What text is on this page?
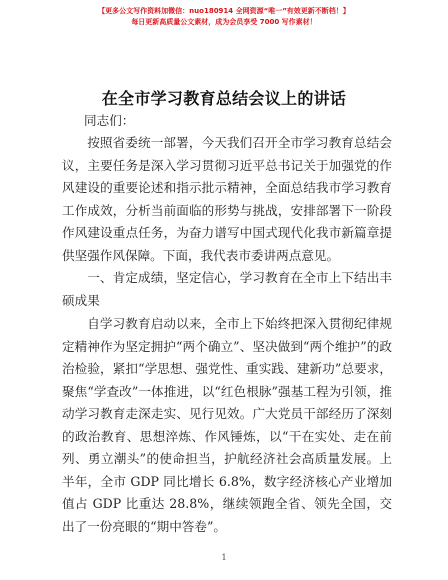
【更多公文写作资料加微信：nuo180914 全网资源“唯一”有效更新不断档！】
每日更新高质量公文素材，成为会员享受 7000 写作素材！
在全市学习教育总结会议上的讲话
同志们：
按照省委统一部署，今天我们召开全市学习教育总结会议，主要任务是深入学习贯彻习近平总书记关于加强党的作风建设的重要论述和指示批示精神，全面总结我市学习教育工作成效，分析当前面临的形势与挑战，安排部署下一阶段作风建设重点任务，为奋力谱写中国式现代化我市新篇章提供坚强作风保障。下面，我代表市委讲两点意见。
一、肯定成绩，坚定信心，学习教育在全市上下结出丰硕成果
自学习教育启动以来，全市上下始终把深入贯彻纪律规定精神作为坚定拥护“两个确立”、坚决做到“两个维护”的政治检验，紧扣“学思想、强党性、重实践、建新功”总要求，聚焦“学查改”一体推进，以“红色根脉”强基工程为引领，推动学习教育走深走实、见行见效。广大党员干部经历了深刻的政治教育、思想淬炼、作风锤炼，以“干在实处、走在前列、勇立潮头”的使命担当，护航经济社会高质量发展。上半年，全市 GDP 同比增长 6.8%，数字经济核心产业增加值占 GDP 比重达 28.8%，继续领跑全省、领先全国，交出了一份亮眼的“期中答卷”。
1
